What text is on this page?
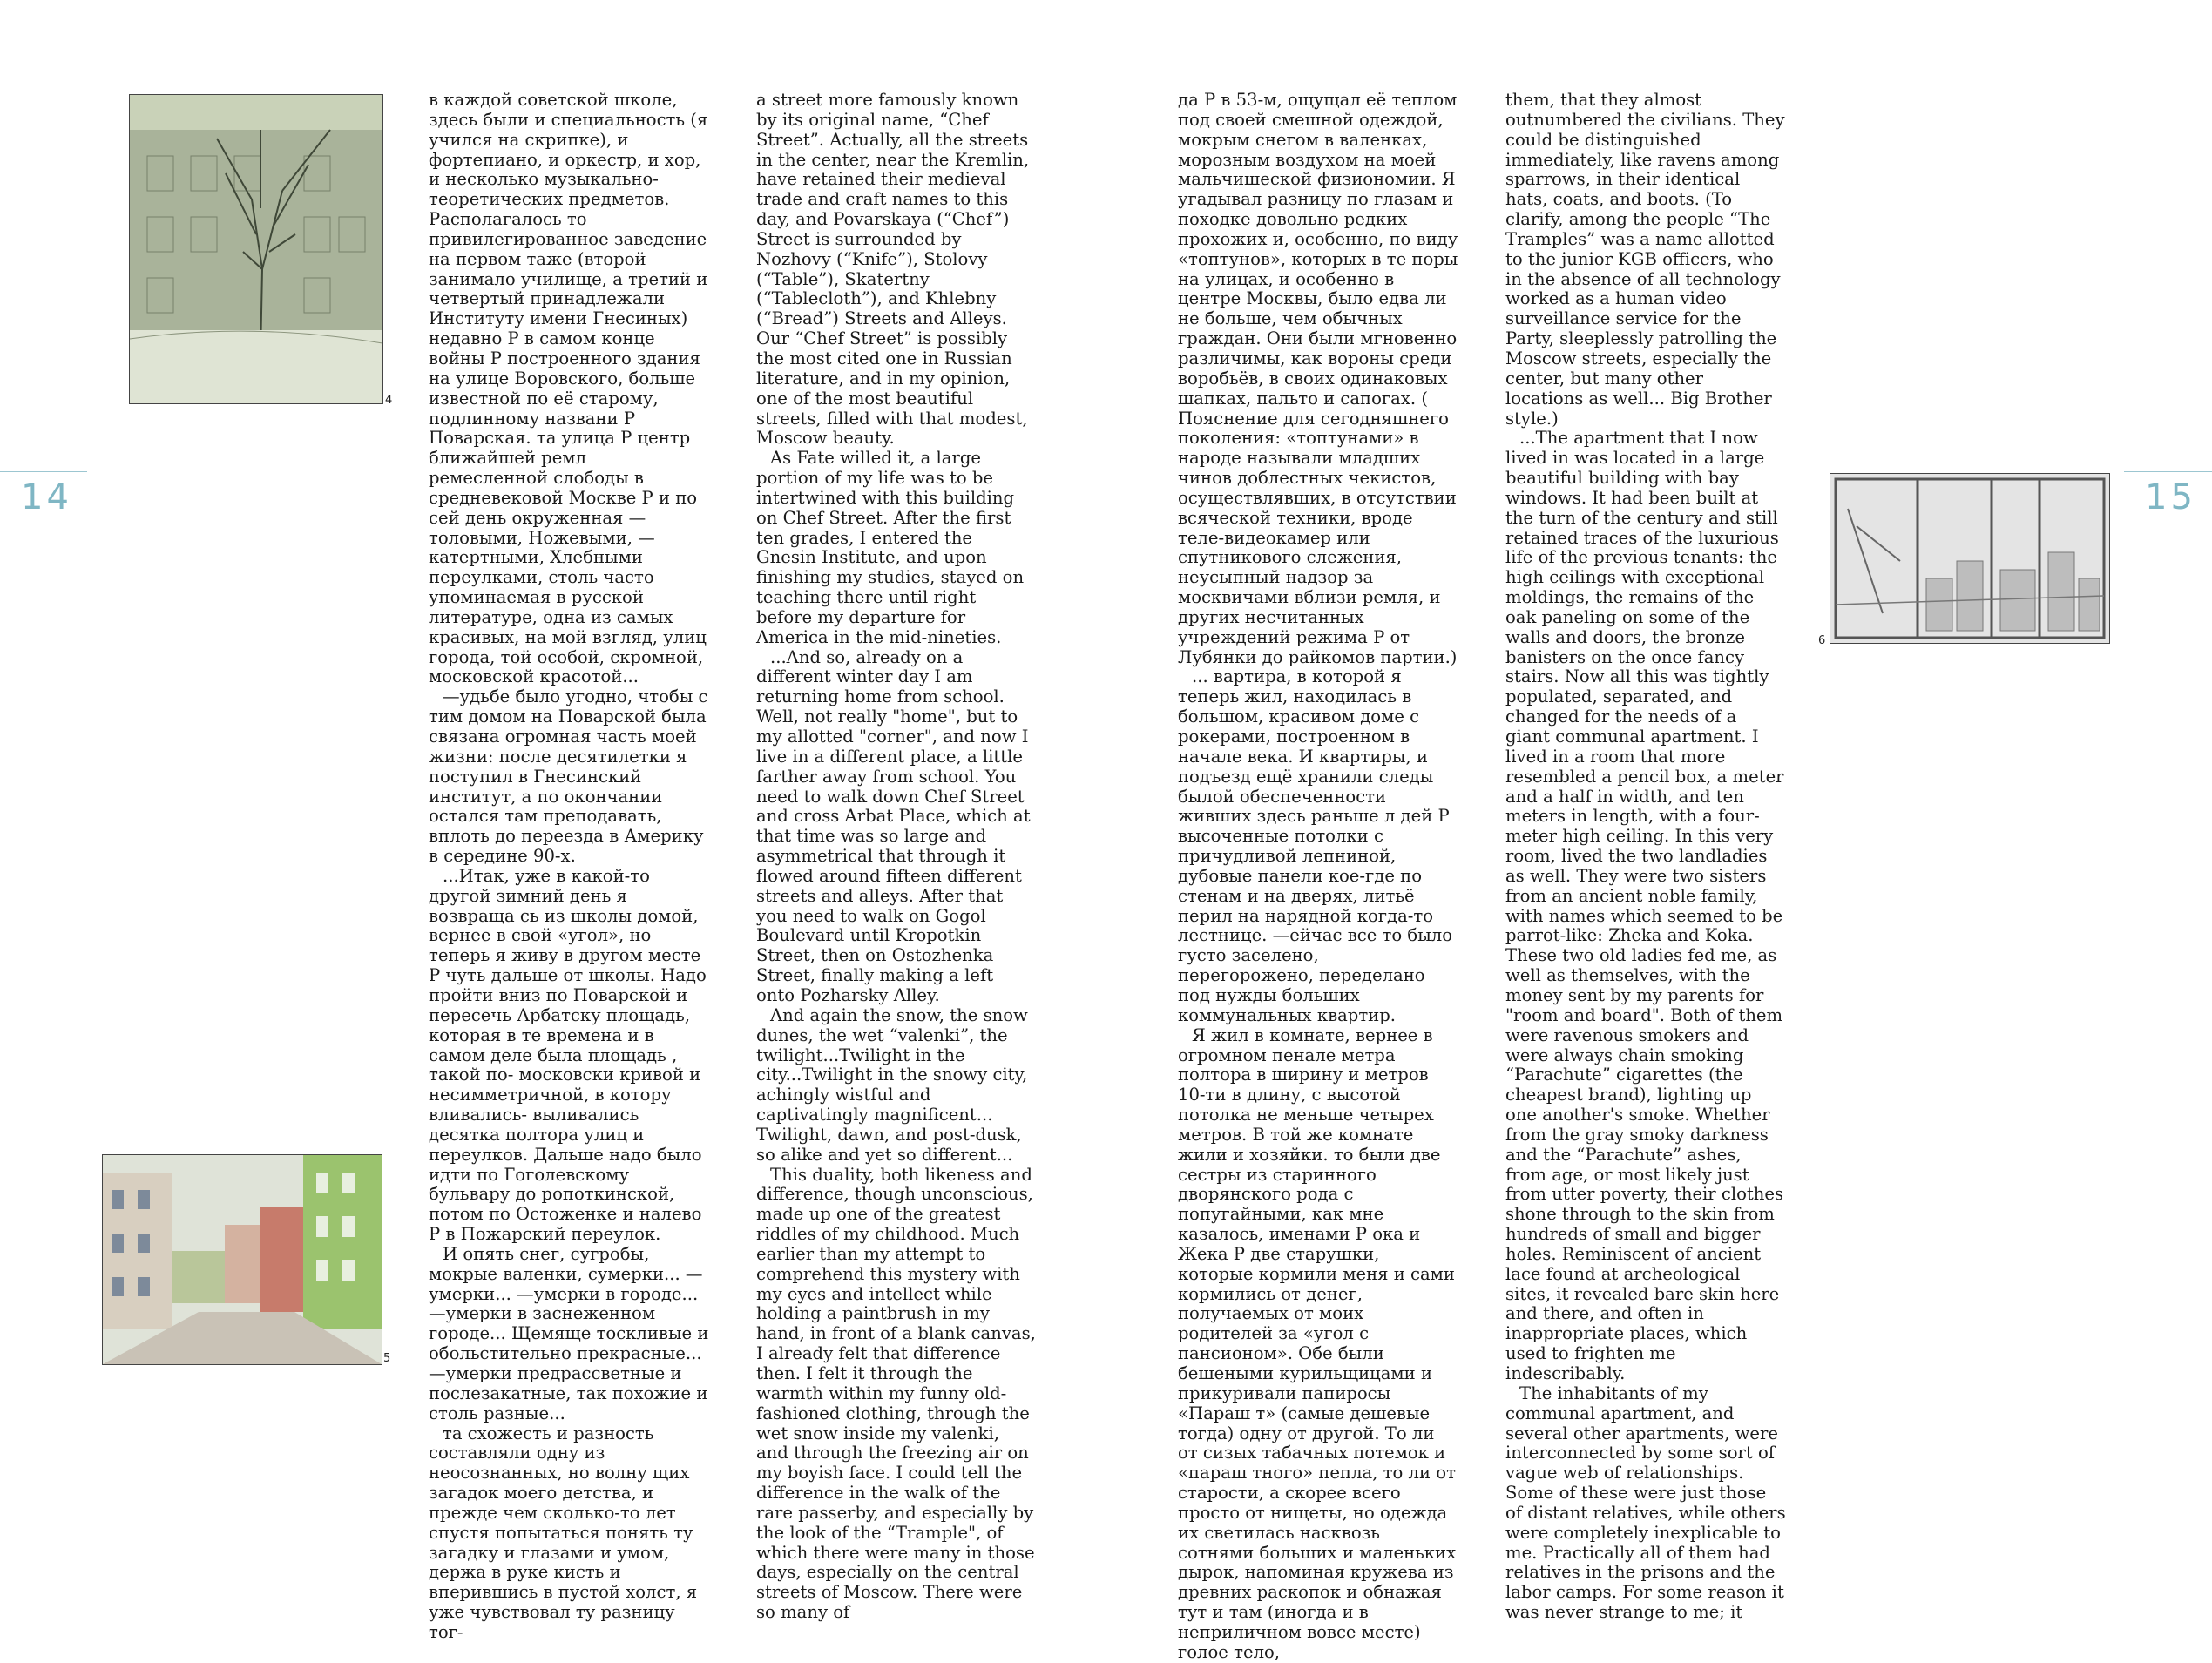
14	15
4
5
6

в каждой советской школе, здесь были и специальность (я учился на скрипке), и фортепиано, и оркестр, и хор, и несколько музыкально-теоретических предметов. Располагалось то привилегированное заведение на первом таже (второй занимало училище, а третий и четвертый принадлежали Институту имени Гнесиных) недавно Р в самом конце войны Р построенного здания на улице Воровского, больше известной по её старому, подлинному названи Р Поварская. та улица Р центр ближайшей ремл ремесленной слободы в средневековой Москве Р и по сей день окруженная —толовыми, Ножевыми, —катертными, Хлебными переулками, столь часто упоминаемая в русской литературе, одна из самых красивых, на мой взгляд, улиц города, той особой, скромной, московской красотой...

—удьбе было угодно, чтобы с тим домом на Поварской была связана огромная часть моей жизни: после десятилетки я поступил в Гнесинский институт, а по окончании остался там преподавать, вплоть до переезда в Америку в середине 90-х.

...Итак, уже в какой-то другой зимний день я возвраща сь из школы домой, вернее в свой «угол», но теперь я живу в другом месте Р чуть дальше от школы. Надо пройти вниз по Поварской и пересечь Арбатску площадь, которая в те времена и в самом деле была площадь , такой по- московски кривой и несимметричной, в котору вливались- выливались десятка полтора улиц и переулков. Дальше надо было идти по Гоголевскому бульвару до ропоткинской, потом по Остоженке и налево Р в Пожарский переулок.

И опять снег, сугробы, мокрые валенки, сумерки... —умерки... —умерки в городе... —умерки в заснеженном городе... Щемяще тоскливые и обольстительно прекрасные... —умерки предрассветные и послезакатные, так похожие и столь разные...

та схожесть и разность составляли одну из неосознанных, но волну щих загадок моего детства, и прежде чем сколько-то лет спустя попытаться понять ту загадку и глазами и умом, держа в руке кисть и вперившись в пустой холст, я уже чувствовал ту разницу тог-

a street more famously known by its original name, “Chef Street”. Actually, all the streets in the center, near the Kremlin, have retained their medieval trade and craft names to this day, and Povarskaya (“Chef”) Street is surrounded by Nozhovy (“Knife”), Stolovy (“Table”), Skatertny (“Tablecloth”), and Khlebny (“Bread”) Streets and Alleys. Our “Chef Street” is possibly the most cited one in Russian literature, and in my opinion, one of the most beautiful streets, filled with that modest, Moscow beauty.

As Fate willed it, a large portion of my life was to be intertwined with this building on Chef Street. After the first ten grades, I entered the Gnesin Institute, and upon finishing my studies, stayed on teaching there until right before my departure for America in the mid-nineties.

...And so, already on a different winter day I am returning home from school. Well, not really "home", but to my allotted "corner", and now I live in a different place, a little farther away from school. You need to walk down Chef Street and cross Arbat Place, which at that time was so large and asymmetrical that through it flowed around fifteen different streets and alleys. After that you need to walk on Gogol Boulevard until Kropotkin Street, then on Ostozhenka Street, finally making a left onto Pozharsky Alley.

And again the snow, the snow dunes, the wet “valenki”, the twilight...Twilight in the city...Twilight in the snowy city, achingly wistful and captivatingly magnificent... Twilight, dawn, and post-dusk, so alike and yet so different...

This duality, both likeness and difference, though unconscious, made up one of the greatest riddles of my childhood. Much earlier than my attempt to comprehend this mystery with my eyes and intellect while holding a paintbrush in my hand, in front of a blank canvas, I already felt that difference then. I felt it through the warmth within my funny old-fashioned clothing, through the wet snow inside my valenki, and through the freezing air on my boyish face. I could tell the difference in the walk of the rare passerby, and especially by the look of the “Trample", of which there were many in those days, especially on the central streets of Moscow. There were so many of

да Р в 53-м, ощущал её теплом под своей смешной одеждой, мокрым снегом в валенках, морозным воздухом на моей мальчишеской физиономии. Я угадывал разницу по глазам и походке довольно редких прохожих и, особенно, по виду «топтунов», которых в те поры на улицах, и особенно в центре Москвы, было едва ли не больше, чем обычных граждан. Они были мгновенно различимы, как вороны среди воробьёв, в своих одинаковых шапках, пальто и сапогах. ( Пояснение для сегодняшнего поколения: «топтунами» в народе называли младших чинов доблестных чекистов, осуществлявших, в отсутствии всяческой техники, вроде теле-видеокамер или спутникового слежения, неусыпный надзор за москвичами вблизи ремля, и других несчитанных учреждений режима Р от Лубянки до райкомов партии.)

... вартира, в которой я теперь жил, находилась в большом, красивом доме с рокерами, построенном в начале века. И квартиры, и подъезд ещё хранили следы былой обеспеченности живших здесь раньше л дей Р высоченные потолки с причудливой лепниной, дубовые панели кое-где по стенам и на дверях, литьё перил на нарядной когда-то лестнице. —ейчас все то было густо заселено, перегорожено, переделано под нужды больших коммунальных квартир.

Я жил в комнате, вернее в огромном пенале метра полтора в ширину и метров 10-ти в длину, с высотой потолка не меньше четырех метров. В той же комнате жили и хозяйки. то были две сестры из старинного дворянского рода с попугайными, как мне казалось, именами Р ока и Жека Р две старушки, которые кормили меня и сами кормились от денег, получаемых от моих родителей за «угол с пансионом». Обе были бешеными курильщицами и прикуривали папиросы «Параш т» (самые дешевые тогда) одну от другой. То ли от сизых табачных потемок и «параш тного» пепла, то ли от старости, а скорее всего просто от нищеты, но одежда их светилась насквозь сотнями больших и маленьких дырок, напоминая кружева из древних раскопок и обнажая тут и там (иногда и в неприличном вовсе месте) голое тело,

them, that they almost outnumbered the civilians. They could be distinguished immediately, like ravens among sparrows, in their identical hats, coats, and boots. (To clarify, among the people “The Tramples” was a name allotted to the junior KGB officers, who in the absence of all technology worked as a human video surveillance service for the Party, sleeplessly patrolling the Moscow streets, especially the center, but many other locations as well... Big Brother style.)

...The apartment that I now lived in was located in a large beautiful building with bay windows. It had been built at the turn of the century and still retained traces of the luxurious life of the previous tenants: the high ceilings with exceptional moldings, the remains of the oak paneling on some of the walls and doors, the bronze banisters on the once fancy stairs. Now all this was tightly populated, separated, and changed for the needs of a giant communal apartment. I lived in a room that more resembled a pencil box, a meter and a half in width, and ten meters in length, with a four-meter high ceiling. In this very room, lived the two landladies as well. They were two sisters from an ancient noble family, with names which seemed to be parrot-like: Zheka and Koka. These two old ladies fed me, as well as themselves, with the money sent by my parents for "room and board". Both of them were ravenous smokers and were always chain smoking “Parachute” cigarettes (the cheapest brand), lighting up one another's smoke. Whether from the gray smoky darkness and the “Parachute” ashes, from age, or most likely just from utter poverty, their clothes shone through to the skin from hundreds of small and bigger holes. Reminiscent of ancient lace found at archeological sites, it revealed bare skin here and there, and often in inappropriate places, which used to frighten me indescribably.

The inhabitants of my communal apartment, and several other apartments, were interconnected by some sort of vague web of relationships. Some of these were just those of distant relatives, while others were completely inexplicable to me. Practically all of them had relatives in the prisons and the labor camps. For some reason it was never strange to me; it
